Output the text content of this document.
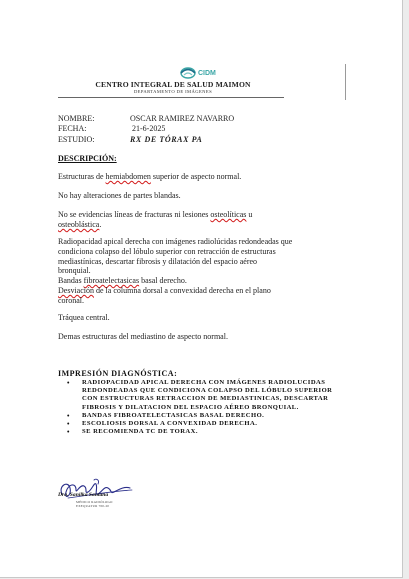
CIDM
CENTRO INTEGRAL DE SALUD MAIMON
DEPARTAMENTO DE IMÁGENES
NOMBRE:	OSCAR RAMIREZ NAVARRO
FECHA:	21-6-2025
ESTUDIO:	RX DE TÓRAX PA
DESCRIPCIÓN:
Estructuras de hemiabdomen superior de aspecto normal.
No hay alteraciones de partes blandas.
No se evidencias líneas de fracturas ni lesiones osteolíticas u
osteoblástica.
Radiopacidad apical derecha con imágenes radiolúcidas redondeadas que
condiciona colapso del lóbulo superior con retracción de estructuras
mediastínicas, descartar fibrosis y dilatación del espacio aéreo
bronquial.
Bandas fibroatelectasicas basal derecho.
Desviación de la columna dorsal a convexidad derecha en el plano
coronal.
Tráquea central.
Demas estructuras del mediastino de aspecto normal.
IMPRESIÓN DIAGNÓSTICA:
• RADIOPACIDAD APICAL DERECHA CON IMÁGENES RADIOLUCIDAS REDONDEADAS QUE CONDICIONA COLAPSO DEL LÓBULO SUPERIOR CON ESTRUCTURAS RETRACCION DE MEDIASTINICAS, DESCARTAR FIBROSIS Y DILATACION DEL ESPACIO AÉREO BRONQUIAL.
• BANDAS FIBROATELECTASICAS BASAL DERECHO.
• ESCOLIOSIS DORSAL A CONVEXIDAD DERECHA.
• SE RECOMIENDA TC DE TORAX.
Dra. Sanilka Santana
MÉDICO RADIÓLOGO
EXEQUATUR 700-20
